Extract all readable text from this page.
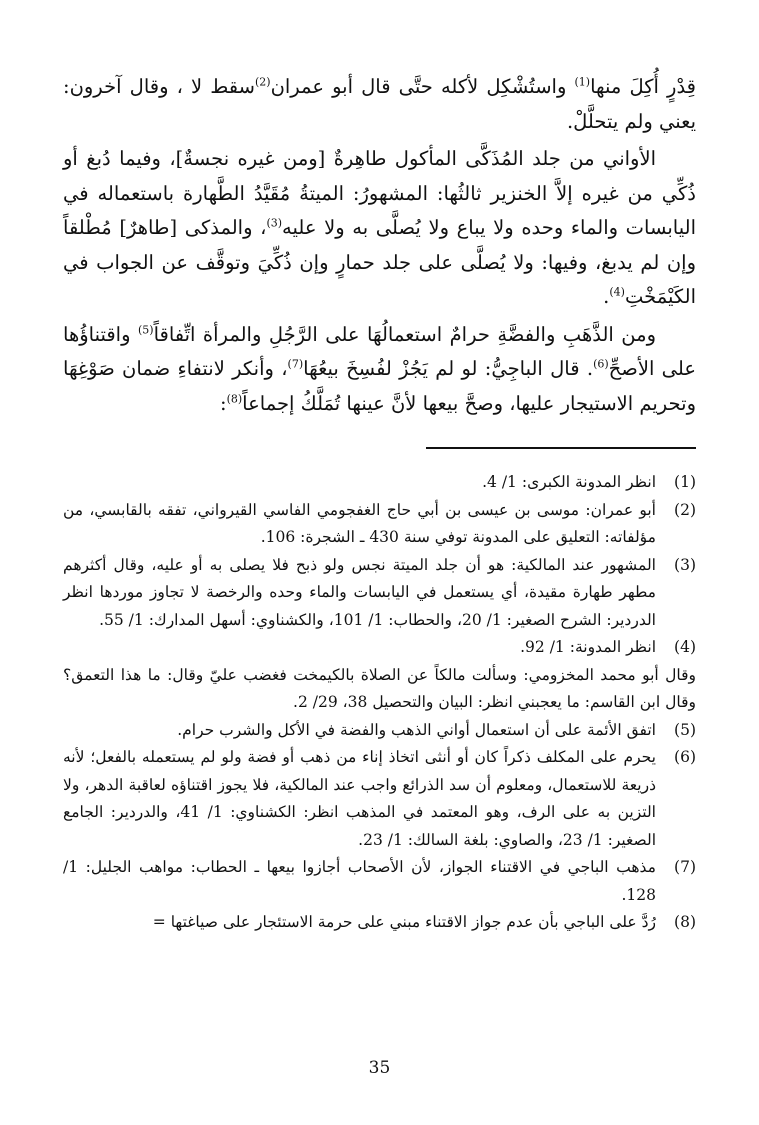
قِدْرٍ أُكِلَ منها$^{(1)}$ واستُشْكِل لأكله حتَّى قال أبو عمران$^{(2)}$سقط لا ، وقال آخرون: يعني ولم يتحلَّلْ.

الأواني من جلد المُذَكَّى المأكول طاهِرةٌ [ومن غيره نجسةٌ]، وفيما دُبغ أو ذُكِّي من غيره إلاَّ الخنزير ثالثُها: المشهورُ: الميتةُ مُقَيَّدُ الطَّهارة باستعماله في اليابسات والماء وحده ولا يباع ولا يُصلَّى به ولا عليه$^{(3)}$، والمذكى [طاهرٌ] مُطْلقاً وإن لم يدبغ، وفيها: ولا يُصلَّى على جلد حمارٍ وإن ذُكِّيَ وتوقَّف عن الجواب في الكَيْمَخْتِ$^{(4)}$.

ومن الذَّهَبِ والفضَّةِ حرامٌ استعمالُهَا على الرَّجُلِ والمرأة اتِّفاقاً$^{(5)}$ واقتناؤُها على الأصحِّ$^{(6)}$. قال الباجِيُّ: لو لم يَجُزْ لفُسِخَ بيعُهَا$^{(7)}$، وأنكر لانتفاءِ ضمان صَوْغِهَا وتحريم الاستيجار عليها، وصحَّ بيعها لأنَّ عينها تُمَلَّكُ إجماعاً$^{(8)}$:

(1)
انظر المدونة الكبرى: 1/ 4.
(2)
أبو عمران: موسى بن عيسى بن أبي حاج الغفجومي الفاسي القيرواني، تفقه بالقابسي، من مؤلفاته: التعليق على المدونة توفي سنة 430 ـ الشجرة: 106.
(3)
المشهور عند المالكية: هو أن جلد الميتة نجس ولو ذبح فلا يصلى به أو عليه، وقال أكثرهم مطهر طهارة مقيدة، أي يستعمل في اليابسات والماء وحده والرخصة لا تجاوز موردها انظر الدردير: الشرح الصغير: 1/ 20، والحطاب: 1/ 101، والكشناوي: أسهل المدارك: 1/ 55.
(4)
انظر المدونة: 1/ 92.
وقال أبو محمد المخزومي: وسألت مالكاً عن الصلاة بالكيمخت فغضب عليّ وقال: ما هذا التعمق؟ وقال ابن القاسم: ما يعجبني انظر: البيان والتحصيل 38، 29/ 2.
(5)
اتفق الأئمة على أن استعمال أواني الذهب والفضة في الأكل والشرب حرام.
(6)
يحرم على المكلف ذكراً كان أو أنثى اتخاذ إناء من ذهب أو فضة ولو لم يستعمله بالفعل؛ لأنه ذريعة للاستعمال، ومعلوم أن سد الذرائع واجب عند المالكية، فلا يجوز اقتناؤه لعاقبة الدهر، ولا التزين به على الرف، وهو المعتمد في المذهب انظر: الكشناوي: 1/ 41، والدردير: الجامع الصغير: 1/ 23، والصاوي: بلغة السالك: 1/ 23.
(7)
مذهب الباجي في الاقتناء الجواز، لأن الأصحاب أجازوا بيعها ـ الحطاب: مواهب الجليل: 1/ 128.
(8)
رُدَّ على الباجي بأن عدم جواز الاقتناء مبني على حرمة الاستئجار على صياغتها =
35
